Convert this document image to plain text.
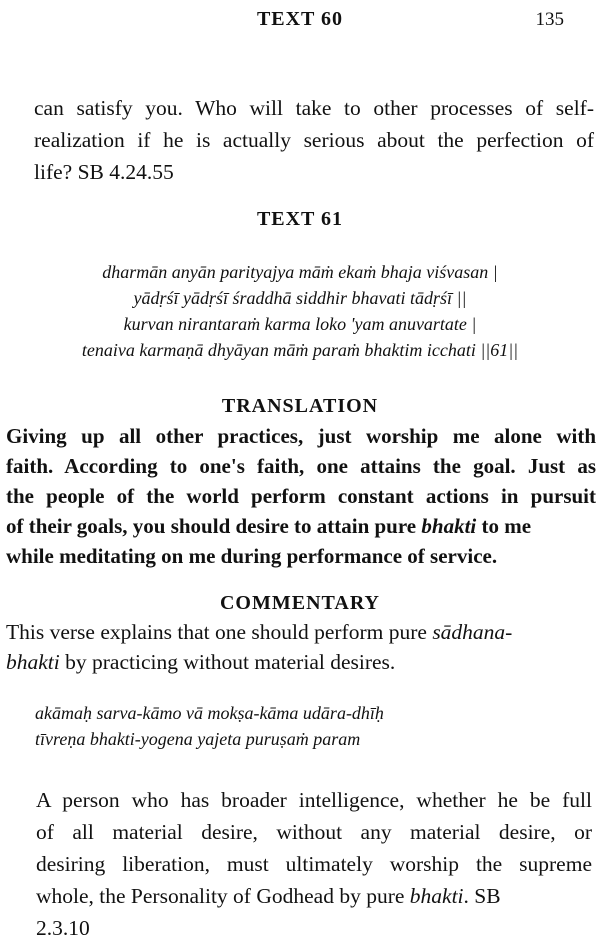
TEXT 60	135
can satisfy you. Who will take to other processes of self-
realization if he is actually serious about the perfection of
life? SB 4.24.55
TEXT 61
dharmān anyān parityajya māṁ ekaṁ bhaja viśvasan |
yādṛśī yādṛśī śraddhā siddhir bhavati tādṛśī ||
kurvan nirantaraṁ karma loko 'yam anuvartate |
tenaiva karmaṇā dhyāyan māṁ paraṁ bhaktim icchati ||61||
TRANSLATION
Giving up all other practices, just worship me alone with
faith. According to one's faith, one attains the goal. Just as
the people of the world perform constant actions in pursuit
of their goals, you should desire to attain pure bhakti to me
while meditating on me during performance of service.
COMMENTARY
This verse explains that one should perform pure sādhana-
bhakti by practicing without material desires.
akāmaḥ sarva-kāmo vā mokṣa-kāma udāra-dhīḥ
tīvreṇa bhakti-yogena yajeta puruṣaṁ param
A person who has broader intelligence, whether he be full
of all material desire, without any material desire, or
desiring liberation, must ultimately worship the supreme
whole, the Personality of Godhead by pure bhakti. SB
2.3.10
